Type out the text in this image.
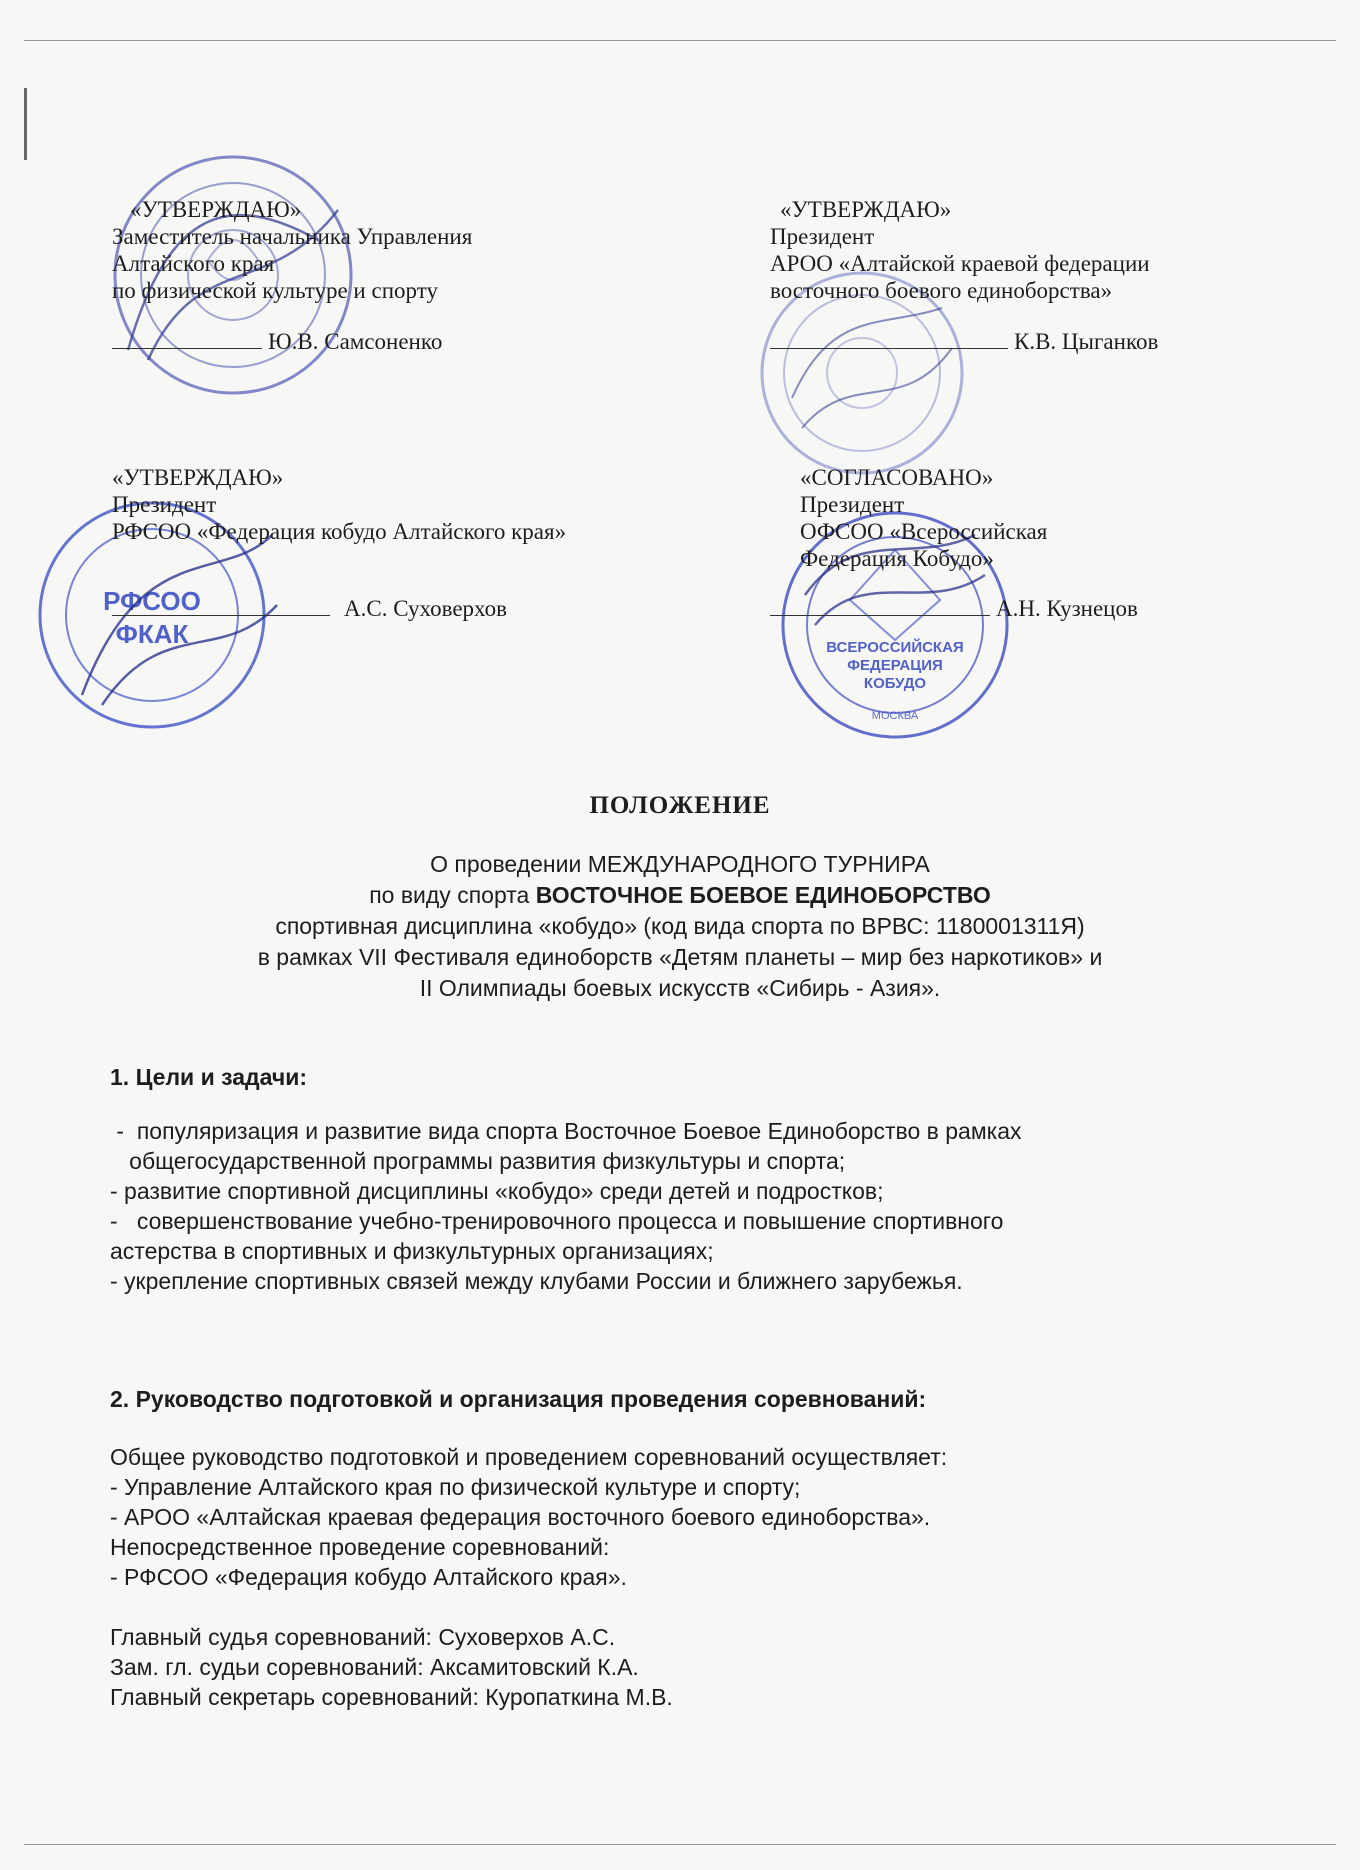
РФСОО
ФКАК	ВСЕРОССИЙСКАЯ
ФЕДЕРАЦИЯ
КОБУДО
МОСКВА
«УТВЕРЖДАЮ»
Заместитель начальника Управления
Алтайского края
по физической культуре и спорту
Ю.В. Самсоненко
«УТВЕРЖДАЮ»
Президент
АРОО «Алтайской краевой федерации
восточного боевого единоборства»
К.В. Цыганков
«УТВЕРЖДАЮ»
Президент
РФСОО «Федерация кобудо Алтайского края»
А.С. Суховерхов
«СОГЛАСОВАНО»
Президент
ОФСОО «Всероссийская
Федерация Кобудо»
А.Н. Кузнецов
ПОЛОЖЕНИЕ
О проведении МЕЖДУНАРОДНОГО ТУРНИРА
по виду спорта ВОСТОЧНОЕ БОЕВОЕ ЕДИНОБОРСТВО
спортивная дисциплина «кобудо» (код вида спорта по ВРВС: 1180001311Я)
в рамках VII Фестиваля единоборств «Детям планеты – мир без наркотиков» и
II Олимпиады боевых искусств «Сибирь - Азия».
1. Цели и задачи:
-  популяризация и развитие вида спорта Восточное Боевое Единоборство в рамках
общегосударственной программы развития физкультуры и спорта;
- развитие спортивной дисциплины «кобудо» среди детей и подростков;
-   совершенствование учебно-тренировочного процесса и повышение спортивного
астерства в спортивных и физкультурных организациях;
- укрепление спортивных связей между клубами России и ближнего зарубежья.
2. Руководство подготовкой и организация проведения соревнований:
Общее руководство подготовкой и проведением соревнований осуществляет:
- Управление Алтайского края по физической культуре и спорту;
- АРОО «Алтайская краевая федерация восточного боевого единоборства».
Непосредственное проведение соревнований:
- РФСОО «Федерация кобудо Алтайского края».
Главный судья соревнований: Суховерхов А.С.
Зам. гл. судьи соревнований: Аксамитовский К.А.
Главный секретарь соревнований: Куропаткина М.В.
